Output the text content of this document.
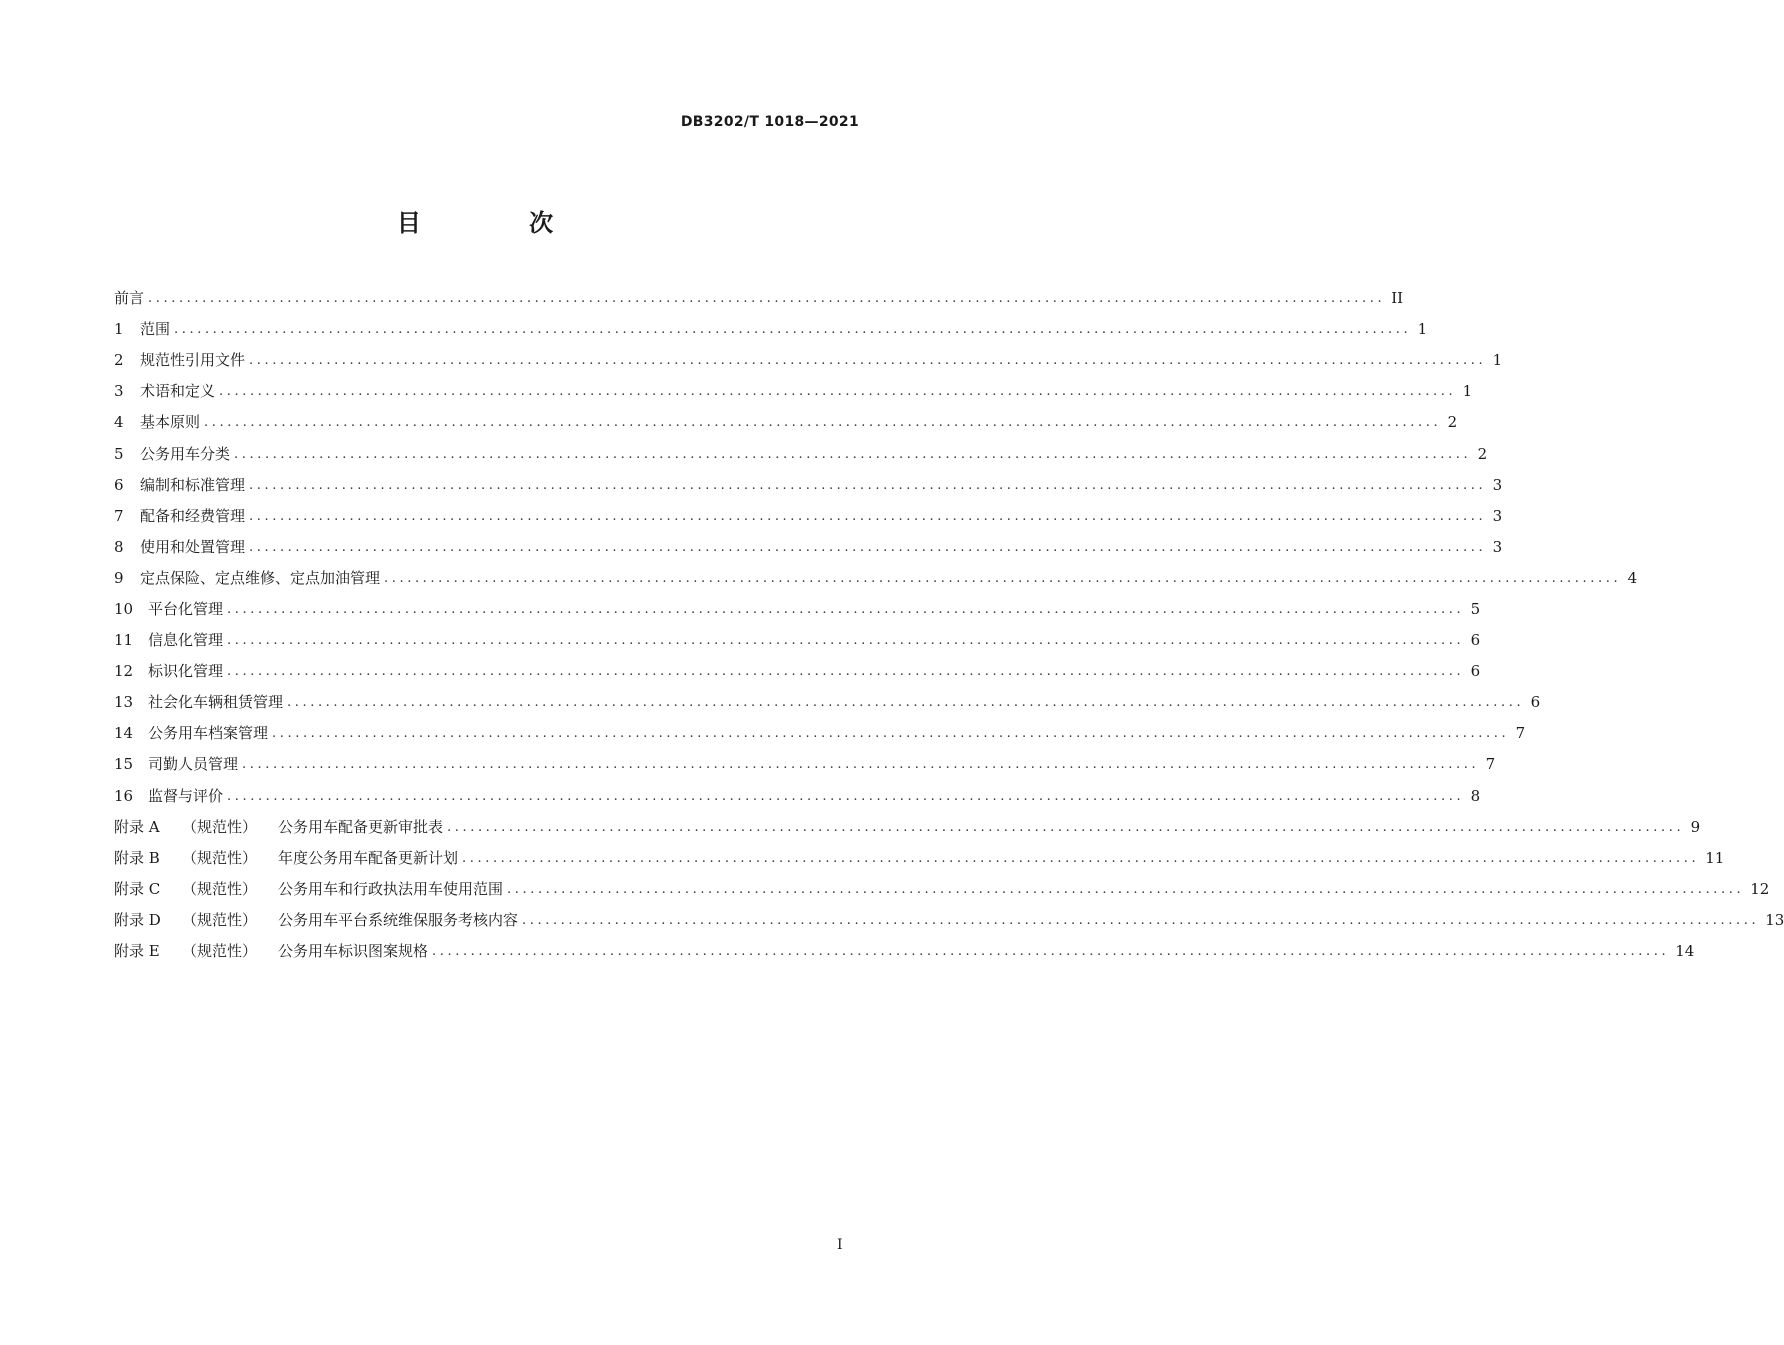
DB3202/T 1018—2021
目 次
前言 ................................................................................................................................................................ II
1	范围 ................................................................................................................................................................ 1
2	规范性引用文件 ................................................................................................................................................................ 1
3	术语和定义 ................................................................................................................................................................ 1
4	基本原则 ................................................................................................................................................................ 2
5	公务用车分类 ................................................................................................................................................................ 2
6	编制和标准管理 ................................................................................................................................................................ 3
7	配备和经费管理 ................................................................................................................................................................ 3
8	使用和处置管理 ................................................................................................................................................................ 3
9	定点保险、定点维修、定点加油管理 ................................................................................................................................................................ 4
10 平台化管理 ................................................................................................................................................................ 5
11 信息化管理 ................................................................................................................................................................ 6
12 标识化管理 ................................................................................................................................................................ 6
13 社会化车辆租赁管理 ................................................................................................................................................................ 6
14 公务用车档案管理 ................................................................................................................................................................ 7
15 司勤人员管理 ................................................................................................................................................................ 7
16 监督与评价 ................................................................................................................................................................ 8
附录 A	（规范性）	公务用车配备更新审批表 ................................................................................................................................................................ 9
附录 B	（规范性）	年度公务用车配备更新计划 ................................................................................................................................................................ 11
附录 C	（规范性）	公务用车和行政执法用车使用范围 ................................................................................................................................................................ 12
附录 D	（规范性）	公务用车平台系统维保服务考核内容 ................................................................................................................................................................ 13
附录 E	（规范性）	公务用车标识图案规格 ................................................................................................................................................................ 14
I
